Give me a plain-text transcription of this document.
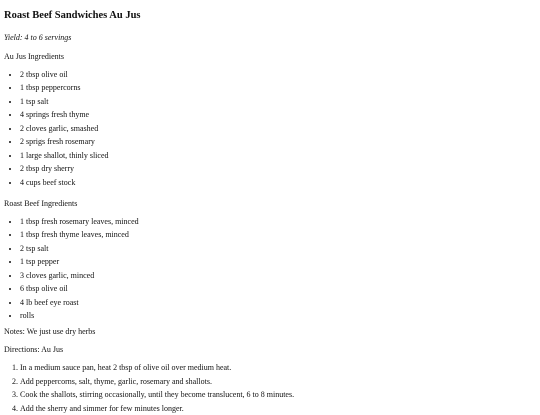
Roast Beef Sandwiches Au Jus
Yield: 4 to 6 servings
Au Jus Ingredients
• 2 tbsp olive oil
• 1 tbsp peppercorns
• 1 tsp salt
• 4 springs fresh thyme
• 2 cloves garlic, smashed
• 2 sprigs fresh rosemary
• 1 large shallot, thinly sliced
• 2 tbsp dry sherry
• 4 cups beef stock
Roast Beef Ingredients
• 1 tbsp fresh rosemary leaves, minced
• 1 tbsp fresh thyme leaves, minced
• 2 tsp salt
• 1 tsp pepper
• 3 cloves garlic, minced
• 6 tbsp olive oil
• 4 lb beef eye roast
• rolls
Notes: We just use dry herbs
Directions: Au Jus
1. In a medium sauce pan, heat 2 tbsp of olive oil over medium heat.
2. Add peppercorns, salt, thyme, garlic, rosemary and shallots.
3. Cook the shallots, stirring occasionally, until they become translucent, 6 to 8 minutes.
4. Add the sherry and simmer for few minutes longer.
